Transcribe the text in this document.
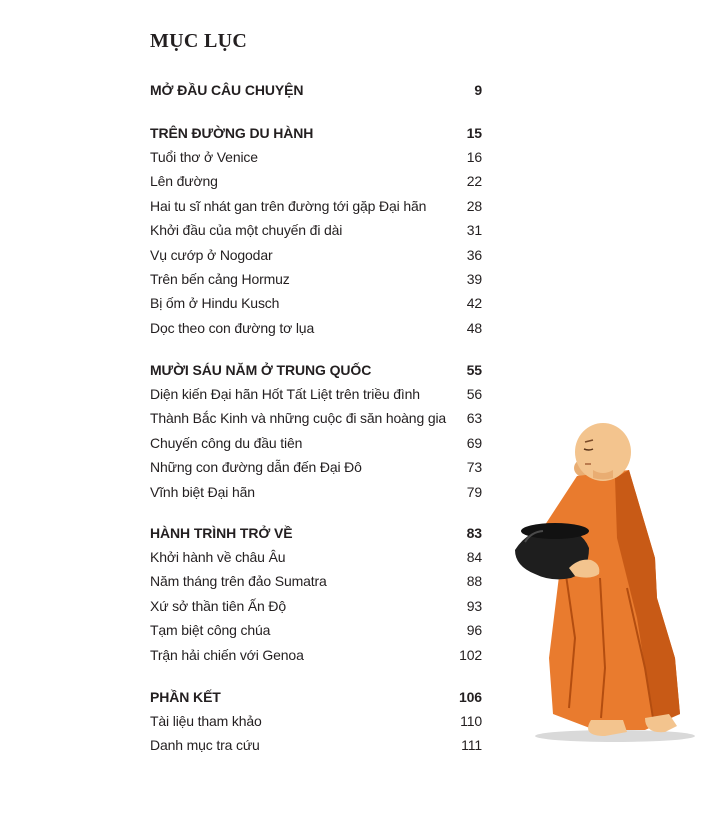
MỤC LỤC
MỞ ĐẦU CÂU CHUYỆN	9
TRÊN ĐƯỜNG DU HÀNH	15
Tuổi thơ ở Venice	16
Lên đường	22
Hai tu sĩ nhát gan trên đường tới gặp Đại hãn	28
Khởi đầu của một chuyến đi dài	31
Vụ cướp ở Nogodar	36
Trên bến cảng Hormuz	39
Bị ốm ở Hindu Kusch	42
Dọc theo con đường tơ lụa	48
MƯỜI SÁU NĂM Ở TRUNG QUỐC	55
Diện kiến Đại hãn Hốt Tất Liệt trên triều đình	56
Thành Bắc Kinh và những cuộc đi săn hoàng gia 63
Chuyến công du đầu tiên	69
Những con đường dẫn đến Đại Đô	73
Vĩnh biệt Đại hãn	79
HÀNH TRÌNH TRỞ VỀ	83
Khởi hành về châu Âu	84
Năm tháng trên đảo Sumatra	88
Xứ sở thần tiên Ấn Độ	93
Tạm biệt công chúa	96
Trận hải chiến với Genoa	102
PHẦN KẾT	106
Tài liệu tham khảo	110
Danh mục tra cứu	111
